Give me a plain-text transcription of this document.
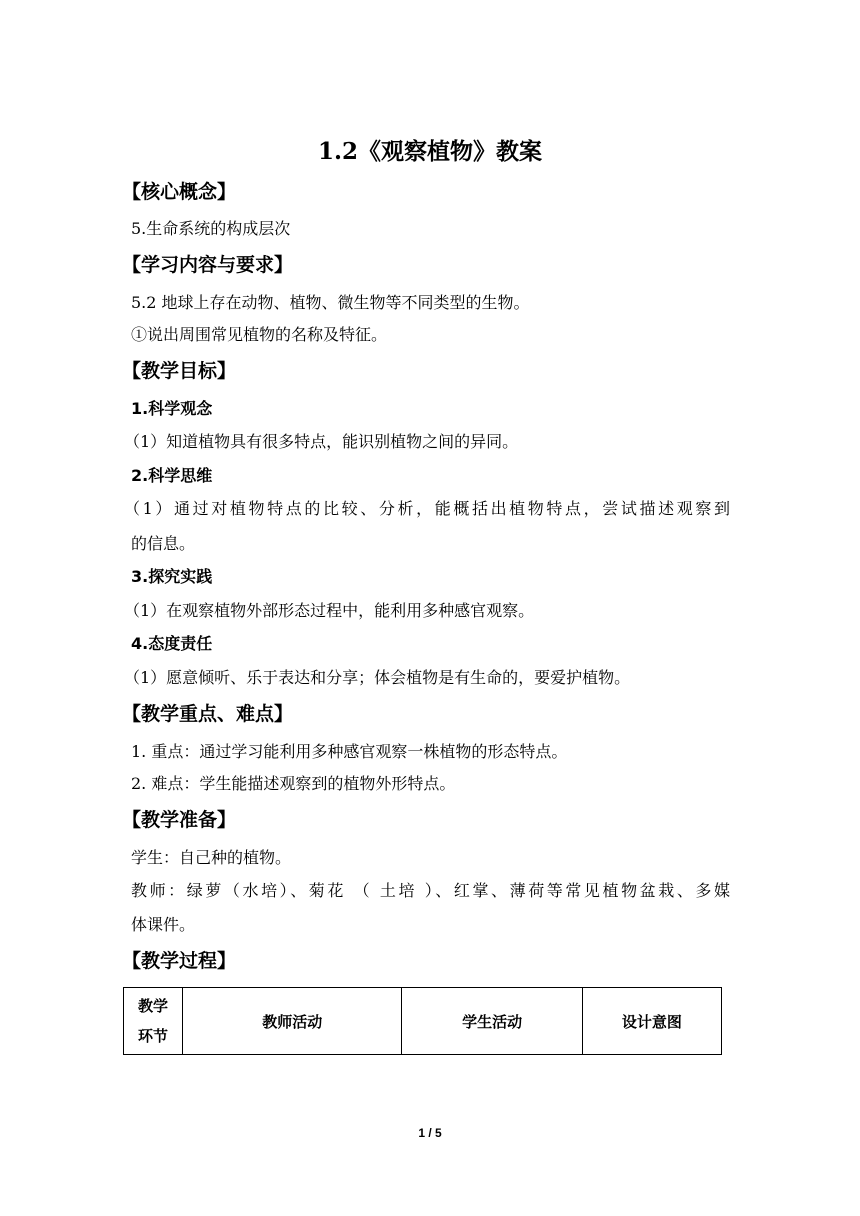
1.2《观察植物》教案
【核心概念】
5.生命系统的构成层次
【学习内容与要求】
5.2 地球上存在动物、植物、微生物等不同类型的生物。
①说出周围常见植物的名称及特征。
【教学目标】
1.科学观念
（1）知道植物具有很多特点，能识别植物之间的异同。
2.科学思维
（1）通过对植物特点的比较、分析，能概括出植物特点，尝试描述观察到
的信息。
3.探究实践
（1）在观察植物外部形态过程中，能利用多种感官观察。
4.态度责任
（1）愿意倾听、乐于表达和分享；体会植物是有生命的，要爱护植物。
【教学重点、难点】
1. 重点：通过学习能利用多种感官观察一株植物的形态特点。
2. 难点：学生能描述观察到的植物外形特点。
【教学准备】
学生：自己种的植物。
教师：绿萝（水培）、菊花 （ 土培 ）、红掌、薄荷等常见植物盆栽、多媒
体课件。
【教学过程】
教学
环节
	教师活动	学生活动	设计意图
1 / 5
